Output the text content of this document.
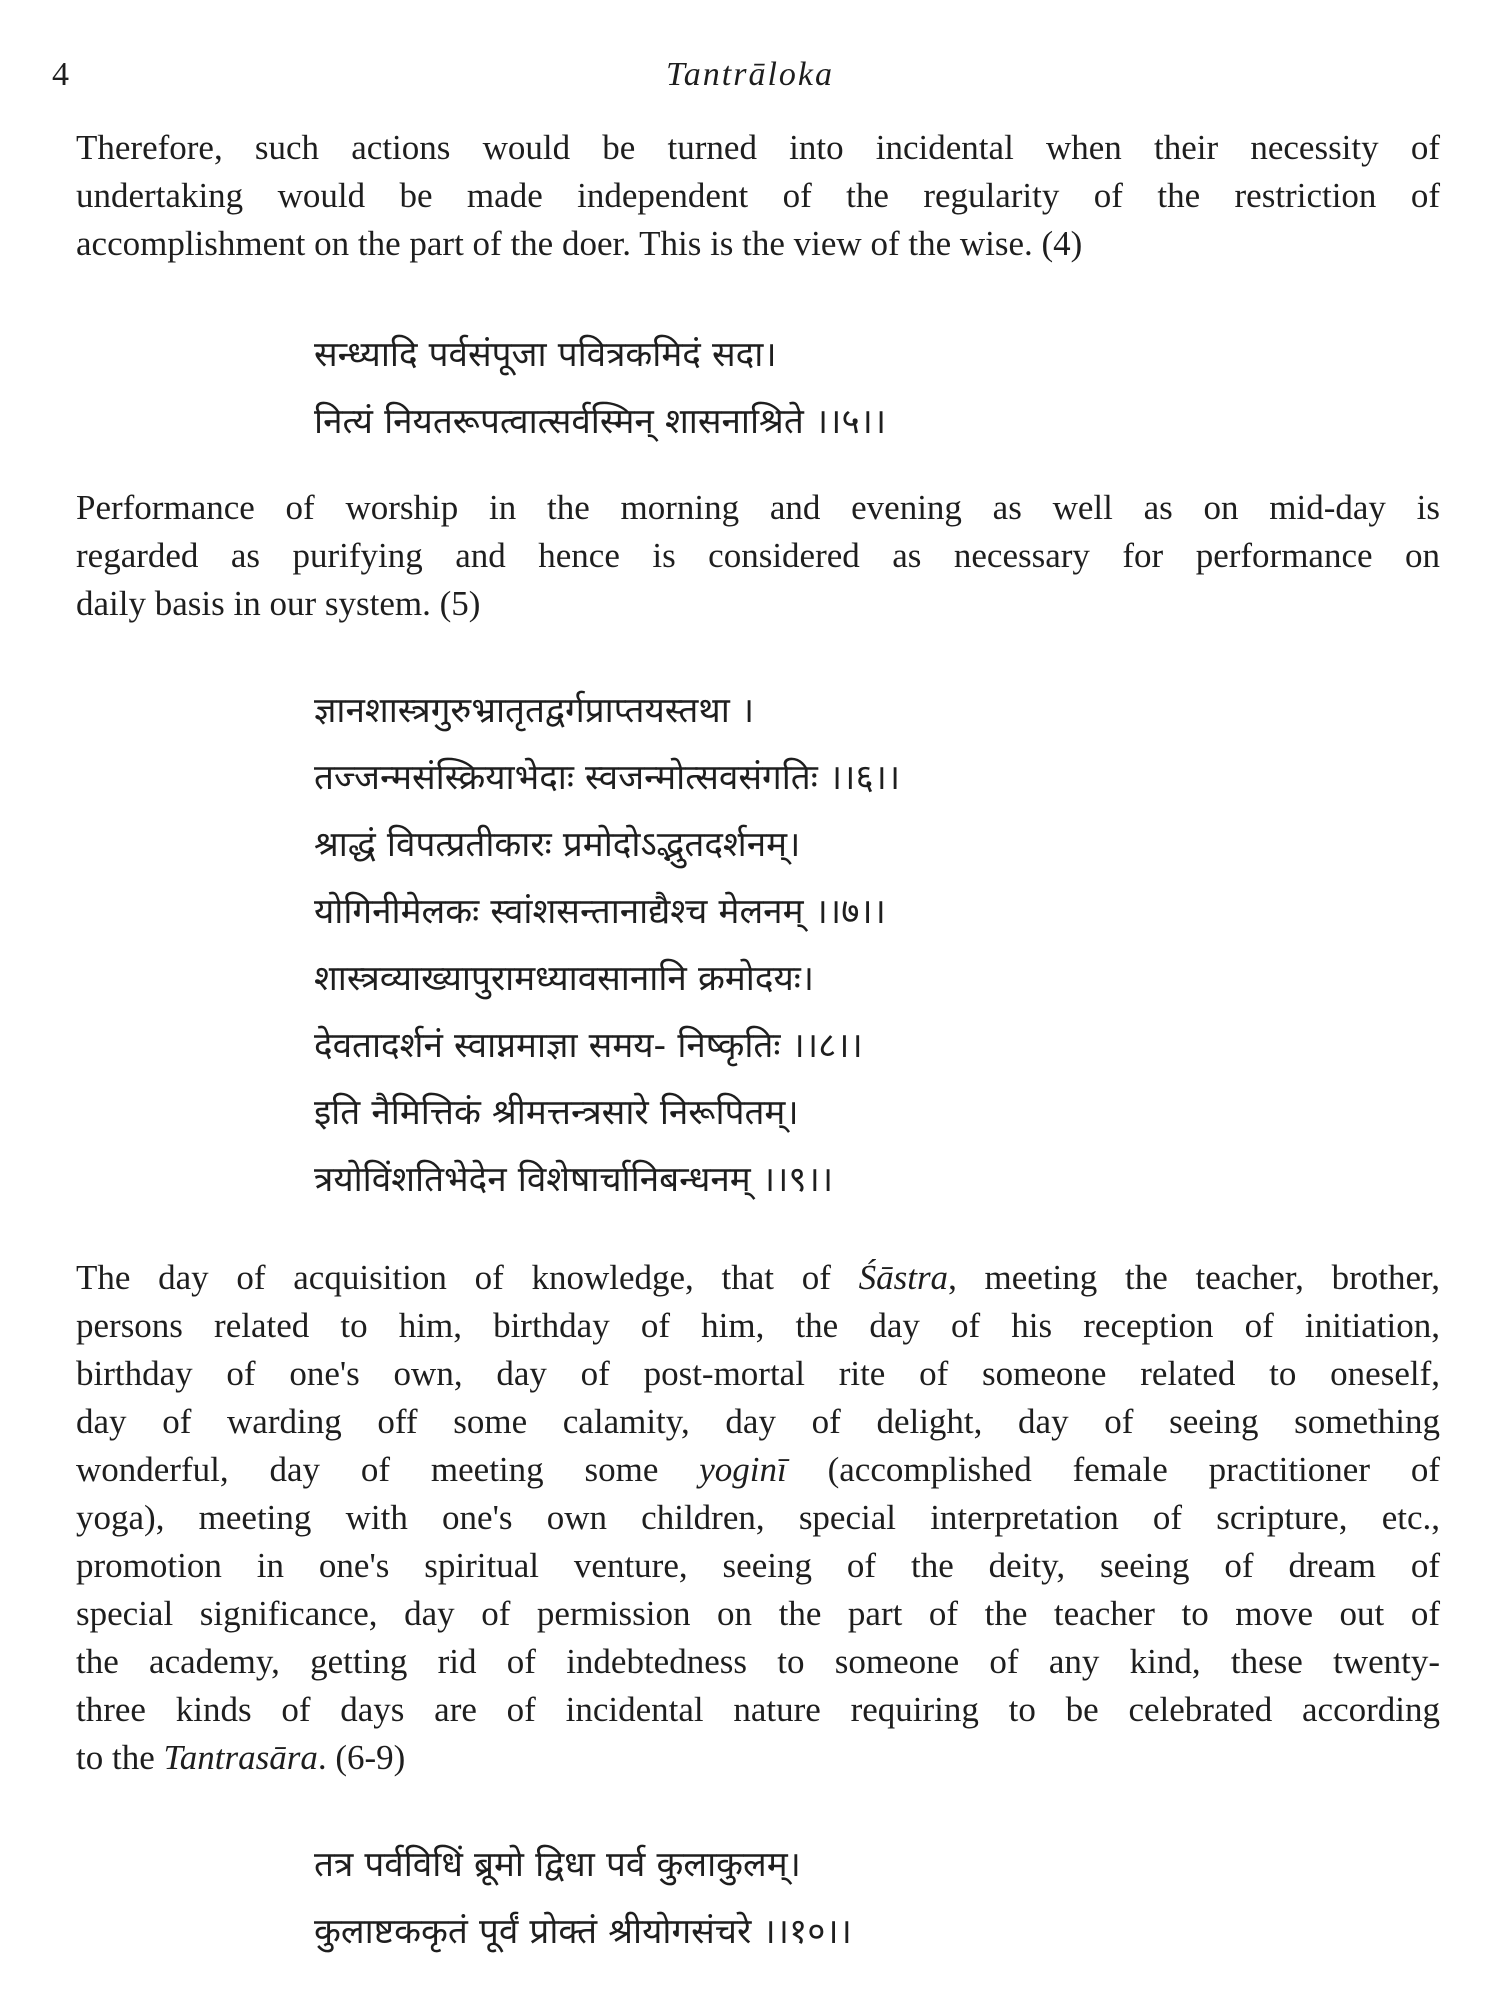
4	Tantrāloka

Therefore, such actions would be turned into incidental when their necessity of
undertaking would be made independent of the regularity of the restriction of
accomplishment on the part of the doer. This is the view of the wise. (4)

सन्ध्यादि पर्वसंपूजा पवित्रकमिदं सदा।
नित्यं नियतरूपत्वात्सर्वस्मिन् शासनाश्रिते ।।५।।

Performance of worship in the morning and evening as well as on mid-day is
regarded as purifying and hence is considered as necessary for performance on
daily basis in our system. (5)

ज्ञानशास्त्रगुरुभ्रातृतद्वर्गप्राप्तयस्तथा ।
तज्जन्मसंस्क्रियाभेदाः स्वजन्मोत्सवसंगतिः ।।६।।
श्राद्धं विपत्प्रतीकारः प्रमोदोऽद्भुतदर्शनम्।
योगिनीमेलकः स्वांशसन्तानाद्यैश्च मेलनम् ।।७।।
शास्त्रव्याख्यापुरामध्यावसानानि क्रमोदयः।
देवतादर्शनं स्वाप्नमाज्ञा समय- निष्कृतिः ।।८।।
इति नैमित्तिकं श्रीमत्तन्त्रसारे निरूपितम्।
त्रयोविंशतिभेदेन विशेषार्चानिबन्धनम् ।।९।।

The day of acquisition of knowledge, that of Śāstra, meeting the teacher, brother,
persons related to him, birthday of him, the day of his reception of initiation,
birthday of one's own, day of post-mortal rite of someone related to oneself,
day of warding off some calamity, day of delight, day of seeing something
wonderful, day of meeting some yoginī (accomplished female practitioner of
yoga), meeting with one's own children, special interpretation of scripture, etc.,
promotion in one's spiritual venture, seeing of the deity, seeing of dream of
special significance, day of permission on the part of the teacher to move out of
the academy, getting rid of indebtedness to someone of any kind, these twenty-
three kinds of days are of incidental nature requiring to be celebrated according
to the Tantrasāra. (6-9)

तत्र पर्वविधिं ब्रूमो द्विधा पर्व कुलाकुलम्।
कुलाष्टककृतं पूर्वं प्रोक्तं श्रीयोगसंचरे ।।१०।।
